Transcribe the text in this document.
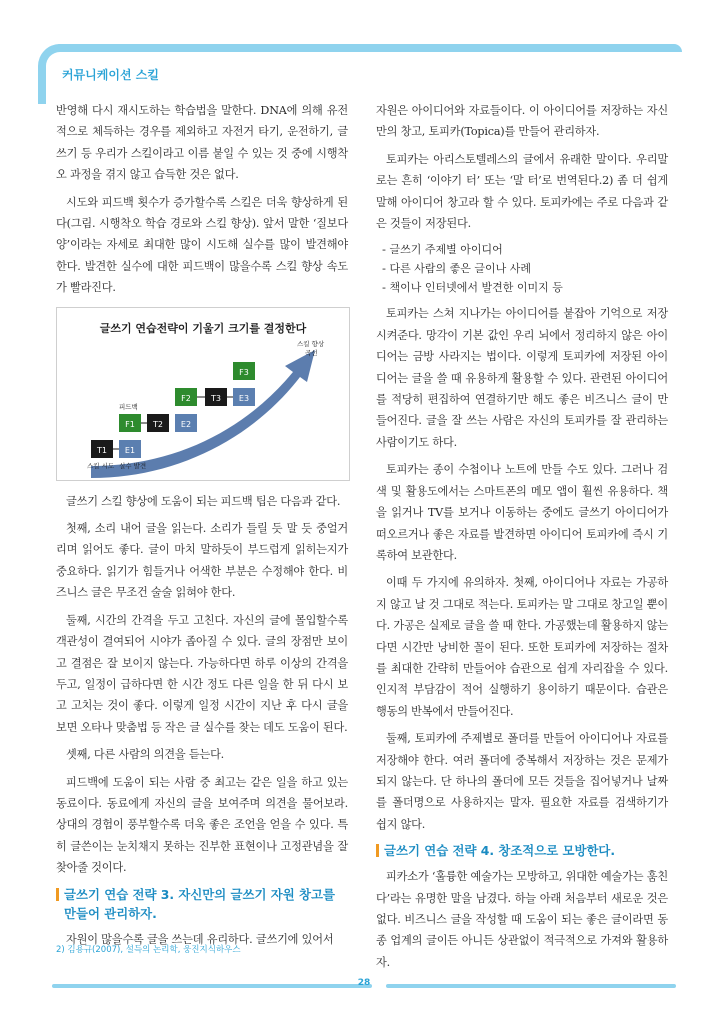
커뮤니케이션 스킬

반영해 다시 재시도하는 학습법을 말한다. DNA에 의해 유전적으로 체득하는 경우를 제외하고 자전거 타기, 운전하기, 글쓰기 등 우리가 스킬이라고 이름 붙일 수 있는 것 중에 시행착오 과정을 겪지 않고 습득한 것은 없다.

시도와 피드백 횟수가 증가할수록 스킬은 더욱 향상하게 된다(그림. 시행착오 학습 경로와 스킬 향상). 앞서 말한 ‘질보다 양’이라는 자세로 최대한 많이 시도해 실수를 많이 발견해야 한다. 발견한 실수에 대한 피드백이 많을수록 스킬 향상 속도가 빨라진다.

글쓰기 연습전략이 기울기 크기를 결정한다
T1 E1
F1 T2 E2
F2	T3 E3
F3
피드백
스킬 시도 실수 발견
스킬 향상
곡선

글쓰기 스킬 향상에 도움이 되는 피드백 팁은 다음과 같다.

첫째, 소리 내어 글을 읽는다. 소리가 들릴 듯 말 듯 중얼거리며 읽어도 좋다. 글이 마치 말하듯이 부드럽게 읽히는지가 중요하다. 읽기가 힘들거나 어색한 부분은 수정해야 한다. 비즈니스 글은 무조건 술술 읽혀야 한다.

둘째, 시간의 간격을 두고 고친다. 자신의 글에 몰입할수록 객관성이 결여되어 시야가 좁아질 수 있다. 글의 장점만 보이고 결점은 잘 보이지 않는다. 가능하다면 하루 이상의 간격을 두고, 일정이 급하다면 한 시간 정도 다른 일을 한 뒤 다시 보고 고치는 것이 좋다. 이렇게 일정 시간이 지난 후 다시 글을 보면 오타나 맞춤법 등 작은 글 실수를 찾는 데도 도움이 된다.

셋째, 다른 사람의 의견을 듣는다.

피드백에 도움이 되는 사람 중 최고는 같은 일을 하고 있는 동료이다. 동료에게 자신의 글을 보여주며 의견을 물어보라. 상대의 경험이 풍부할수록 더욱 좋은 조언을 얻을 수 있다. 특히 글쓴이는 눈치채지 못하는 진부한 표현이나 고정관념을 잘 찾아줄 것이다.

글쓰기 연습 전략 3. 자신만의 글쓰기 자원 창고를 만들어 관리하자.

자원이 많을수록 글을 쓰는데 유리하다. 글쓰기에 있어서

자원은 아이디어와 자료들이다. 이 아이디어를 저장하는 자신만의 창고, 토피카(Topica)를 만들어 관리하자.

토피카는 아리스토텔레스의 글에서 유래한 말이다. 우리말로는 흔히 ‘이야기 터’ 또는 ‘말 터’로 번역된다.2) 좀 더 쉽게 말해 아이디어 창고라 할 수 있다. 토피카에는 주로 다음과 같은 것들이 저장된다.

- 글쓰기 주제별 아이디어
- 다른 사람의 좋은 글이나 사례
- 책이나 인터넷에서 발견한 이미지 등

토피카는 스쳐 지나가는 아이디어를 붙잡아 기억으로 저장시켜준다. 망각이 기본 값인 우리 뇌에서 정리하지 않은 아이디어는 금방 사라지는 법이다. 이렇게 토피카에 저장된 아이디어는 글을 쓸 때 유용하게 활용할 수 있다. 관련된 아이디어를 적당히 편집하여 연결하기만 해도 좋은 비즈니스 글이 만들어진다. 글을 잘 쓰는 사람은 자신의 토피카를 잘 관리하는 사람이기도 하다.

토피카는 종이 수첩이나 노트에 만들 수도 있다. 그러나 검색 및 활용도에서는 스마트폰의 메모 앱이 훨씬 유용하다. 책을 읽거나 TV를 보거나 이동하는 중에도 글쓰기 아이디어가 떠오르거나 좋은 자료를 발견하면 아이디어 토피카에 즉시 기록하여 보관한다.

이때 두 가지에 유의하자. 첫째, 아이디어나 자료는 가공하지 않고 날 것 그대로 적는다. 토피카는 말 그대로 창고일 뿐이다. 가공은 실제로 글을 쓸 때 한다. 가공했는데 활용하지 않는다면 시간만 낭비한 꼴이 된다. 또한 토피카에 저장하는 절차를 최대한 간략히 만들어야 습관으로 쉽게 자리잡을 수 있다. 인지적 부담감이 적어 실행하기 용이하기 때문이다. 습관은 행동의 반복에서 만들어진다.

둘째, 토피카에 주제별로 폴더를 만들어 아이디어나 자료를 저장해야 한다. 여러 폴더에 중복해서 저장하는 것은 문제가 되지 않는다. 단 하나의 폴더에 모든 것들을 집어넣거나 날짜를 폴더명으로 사용하지는 말자. 필요한 자료를 검색하기가 쉽지 않다.

글쓰기 연습 전략 4. 창조적으로 모방한다.

피카소가 ‘훌륭한 예술가는 모방하고, 위대한 예술가는 훔친다’라는 유명한 말을 남겼다. 하늘 아래 처음부터 새로운 것은 없다. 비즈니스 글을 작성할 때 도움이 되는 좋은 글이라면 동종 업계의 글이든 아니든 상관없이 적극적으로 가져와 활용하자.

2) 김용규(2007), 설득의 논리학, 웅진지식하우스
28
